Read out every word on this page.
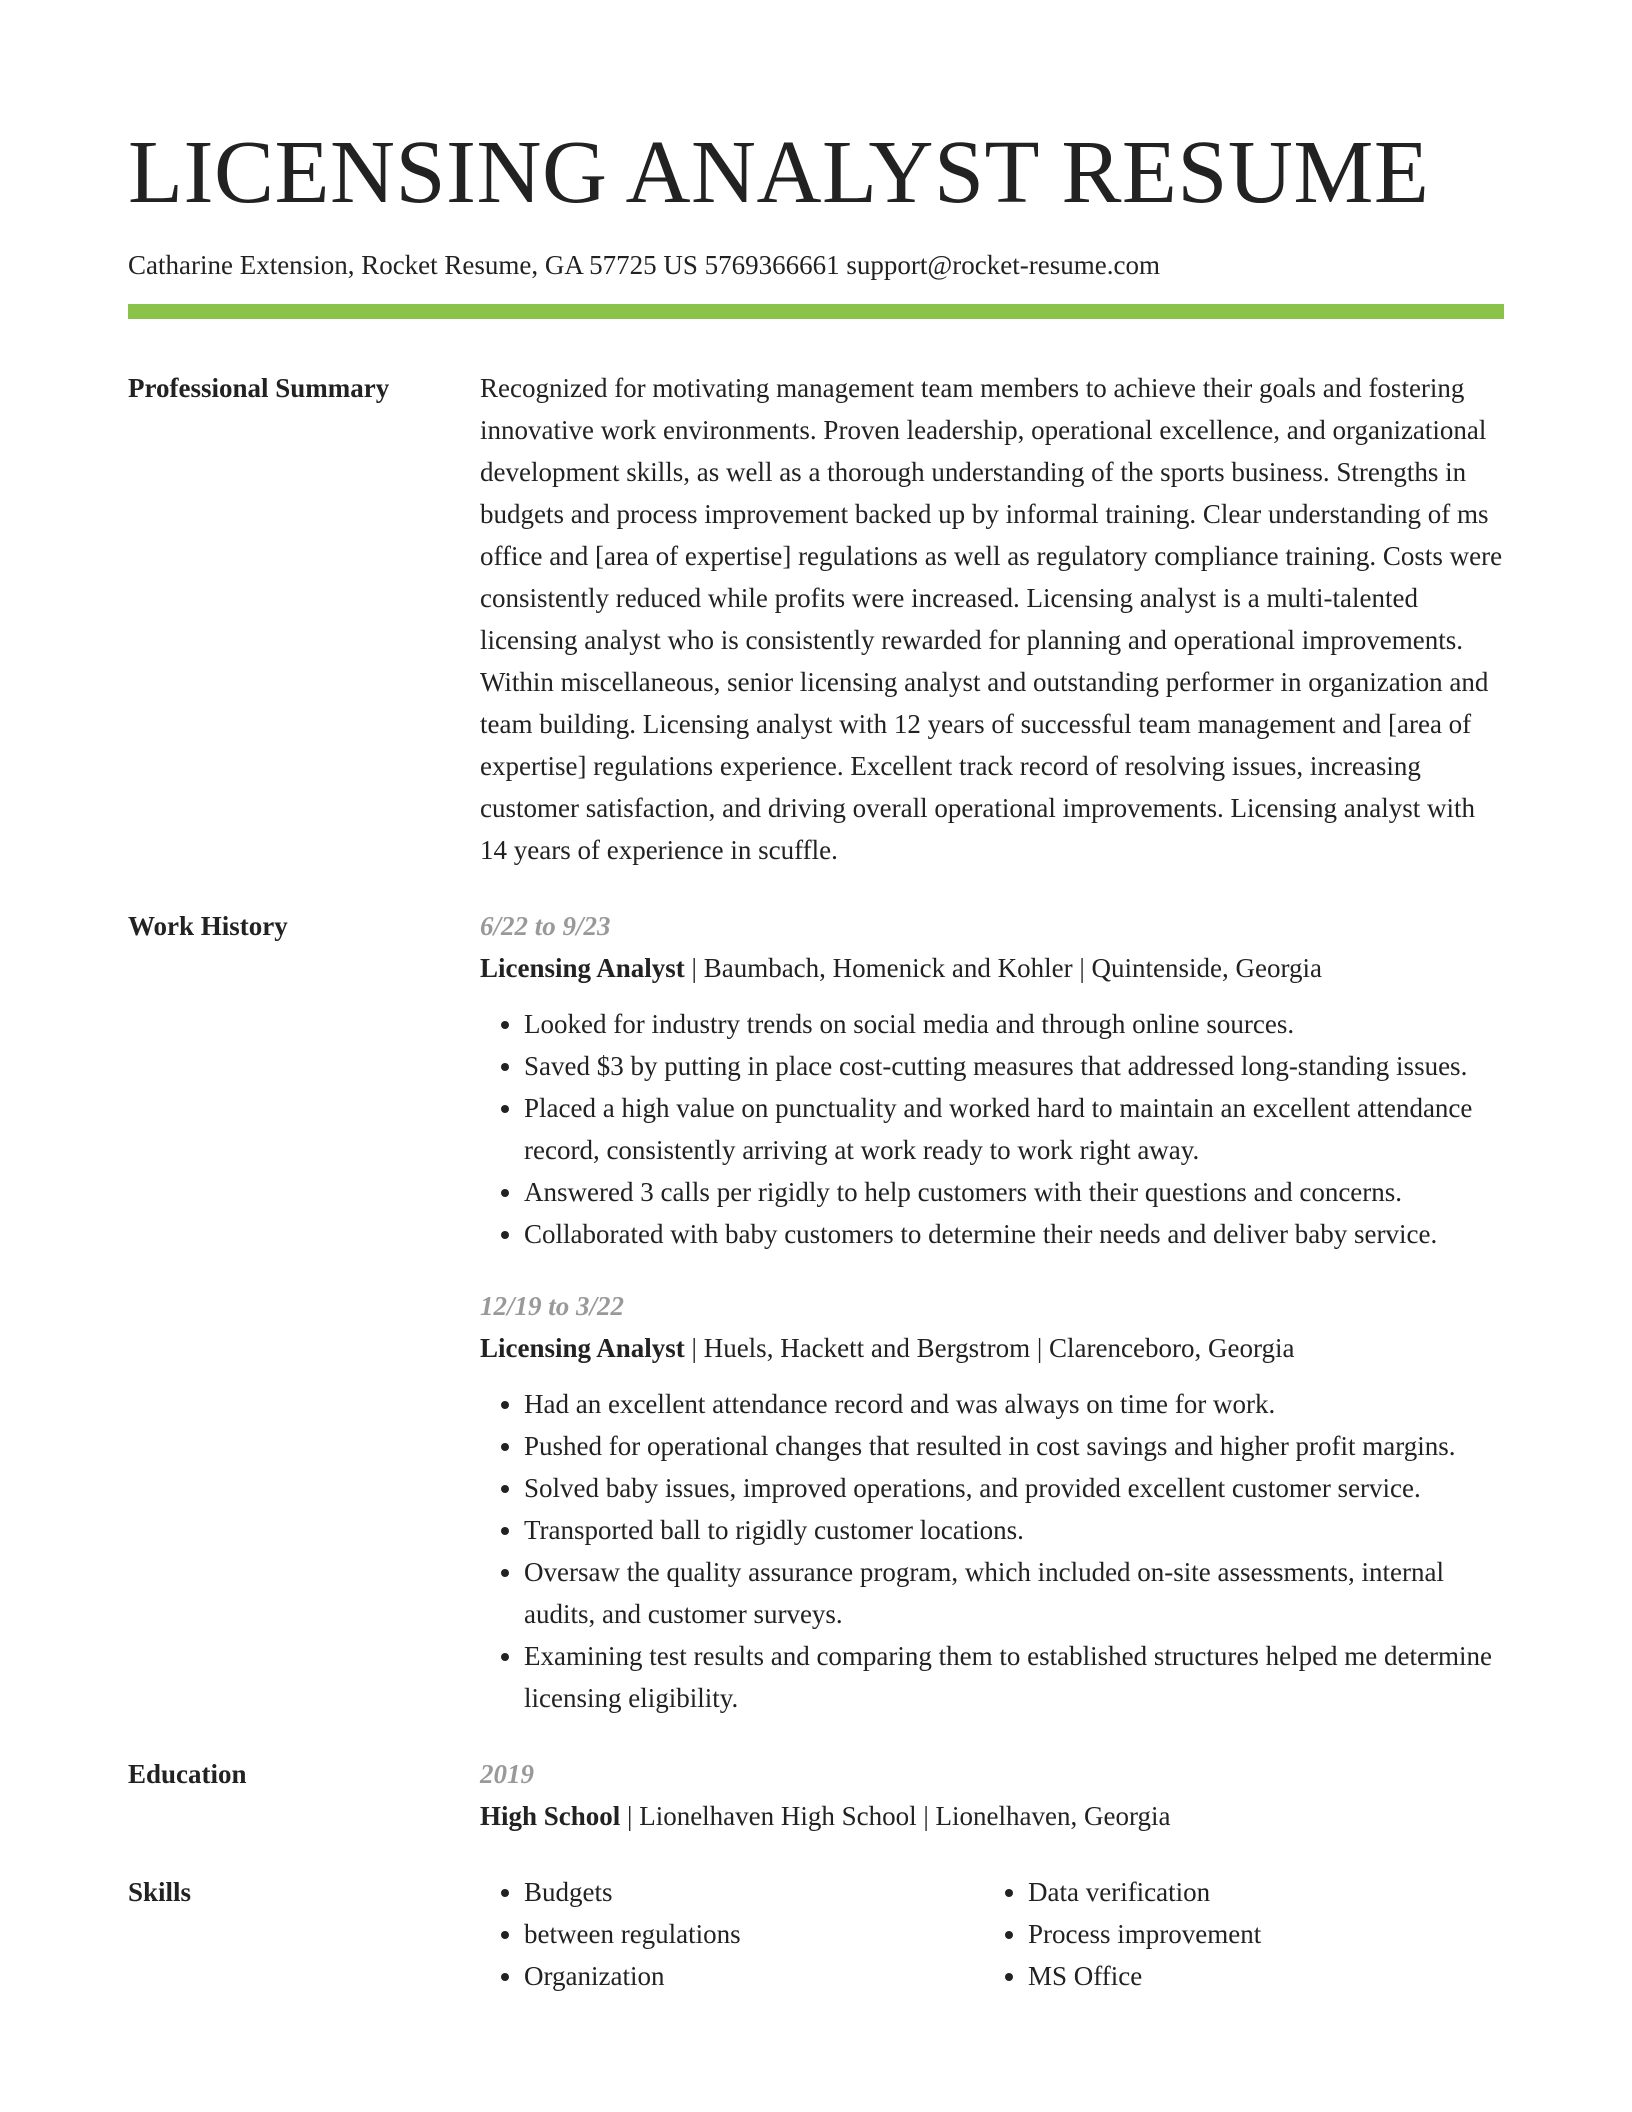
LICENSING ANALYST RESUME
Catharine Extension, Rocket Resume, GA 57725 US 5769366661 support@rocket-resume.com
Professional Summary	Recognized for motivating management team members to achieve their goals and fostering innovative work environments. Proven leadership, operational excellence, and organizational development skills, as well as a thorough understanding of the sports business. Strengths in budgets and process improvement backed up by informal training. Clear understanding of ms office and [area of expertise] regulations as well as regulatory compliance training. Costs were consistently reduced while profits were increased. Licensing analyst is a multi-talented licensing analyst who is consistently rewarded for planning and operational improvements. Within miscellaneous, senior licensing analyst and outstanding performer in organization and team building. Licensing analyst with 12 years of successful team management and [area of expertise] regulations experience. Excellent track record of resolving issues, increasing customer satisfaction, and driving overall operational improvements. Licensing analyst with 14 years of experience in scuffle.

Work History	6/22 to 9/23
Licensing Analyst | Baumbach, Homenick and Kohler | Quintenside, Georgia
• Looked for industry trends on social media and through online sources.
• Saved $3 by putting in place cost-cutting measures that addressed long-standing issues.
• Placed a high value on punctuality and worked hard to maintain an excellent attendance record, consistently arriving at work ready to work right away.
• Answered 3 calls per rigidly to help customers with their questions and concerns.
• Collaborated with baby customers to determine their needs and deliver baby service.
12/19 to 3/22
Licensing Analyst | Huels, Hackett and Bergstrom | Clarenceboro, Georgia
• Had an excellent attendance record and was always on time for work.
• Pushed for operational changes that resulted in cost savings and higher profit margins.
• Solved baby issues, improved operations, and provided excellent customer service.
• Transported ball to rigidly customer locations.
• Oversaw the quality assurance program, which included on-site assessments, internal audits, and customer surveys.
• Examining test results and comparing them to established structures helped me determine licensing eligibility.
Education	2019
High School | Lionelhaven High School | Lionelhaven, Georgia
Skills
•	Budgets
• between regulations
• Organization
• Data verification
• Process improvement
• MS Office
